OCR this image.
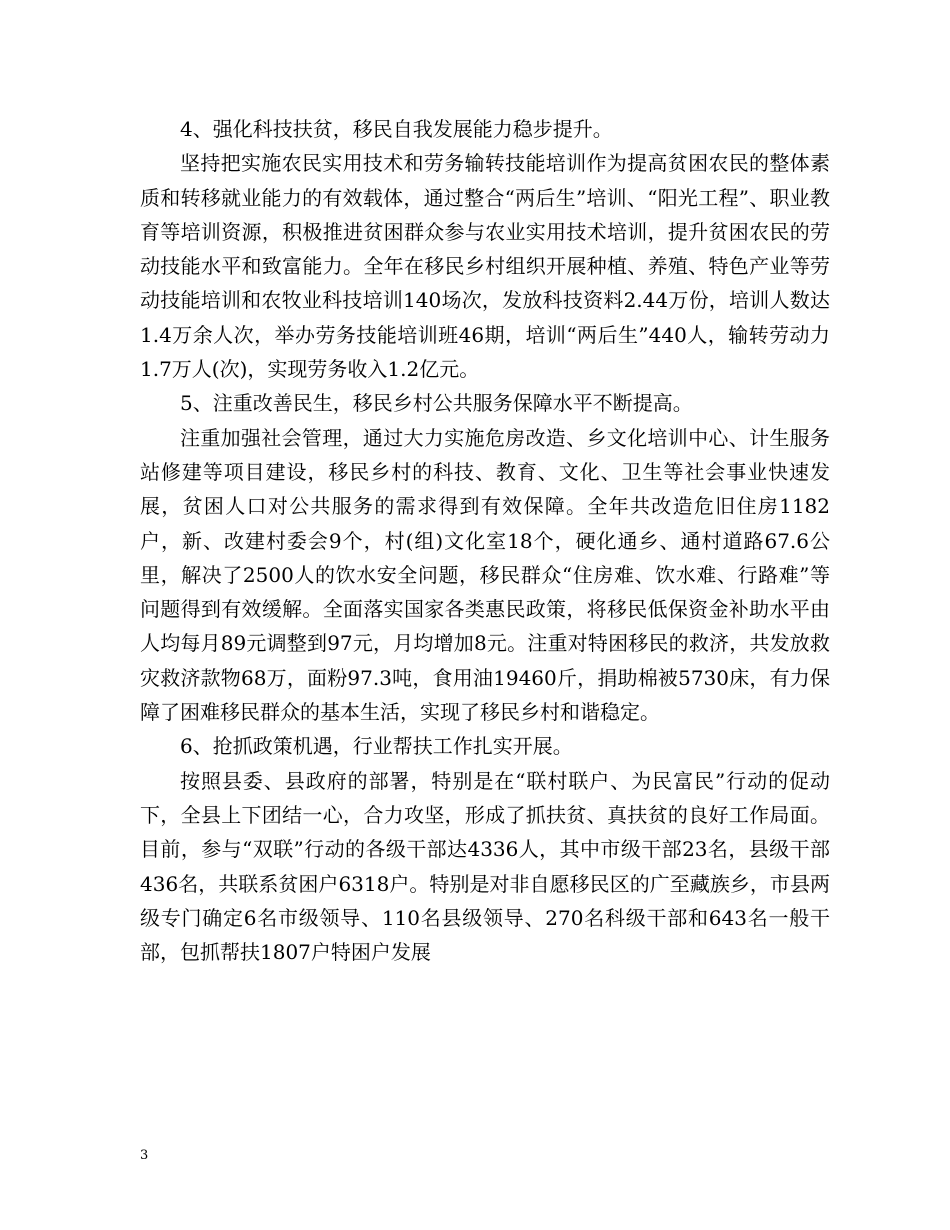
4、强化科技扶贫，移民自我发展能力稳步提升。

坚持把实施农民实用技术和劳务输转技能培训作为提高贫困农民的整体素质和转移就业能力的有效载体，通过整合“两后生”培训、“阳光工程”、职业教育等培训资源，积极推进贫困群众参与农业实用技术培训，提升贫困农民的劳动技能水平和致富能力。全年在移民乡村组织开展种植、养殖、特色产业等劳动技能培训和农牧业科技培训140场次，发放科技资料2.44万份，培训人数达1.4万余人次，举办劳务技能培训班46期，培训“两后生”440人，输转劳动力1.7万人(次)，实现劳务收入1.2亿元。

5、注重改善民生，移民乡村公共服务保障水平不断提高。

注重加强社会管理，通过大力实施危房改造、乡文化培训中心、计生服务站修建等项目建设，移民乡村的科技、教育、文化、卫生等社会事业快速发展，贫困人口对公共服务的需求得到有效保障。全年共改造危旧住房1182户，新、改建村委会9个，村(组)文化室18个，硬化通乡、通村道路67.6公里，解决了2500人的饮水安全问题，移民群众“住房难、饮水难、行路难”等问题得到有效缓解。全面落实国家各类惠民政策，将移民低保资金补助水平由人均每月89元调整到97元，月均增加8元。注重对特困移民的救济，共发放救灾救济款物68万，面粉97.3吨，食用油19460斤，捐助棉被5730床，有力保障了困难移民群众的基本生活，实现了移民乡村和谐稳定。

6、抢抓政策机遇，行业帮扶工作扎实开展。

按照县委、县政府的部署，特别是在“联村联户、为民富民”行动的促动下，全县上下团结一心，合力攻坚，形成了抓扶贫、真扶贫的良好工作局面。目前，参与“双联”行动的各级干部达4336人，其中市级干部23名，县级干部436名，共联系贫困户6318户。特别是对非自愿移民区的广至藏族乡，市县两级专门确定6名市级领导、110名县级领导、270名科级干部和643名一般干部，包抓帮扶1807户特困户发展

3
